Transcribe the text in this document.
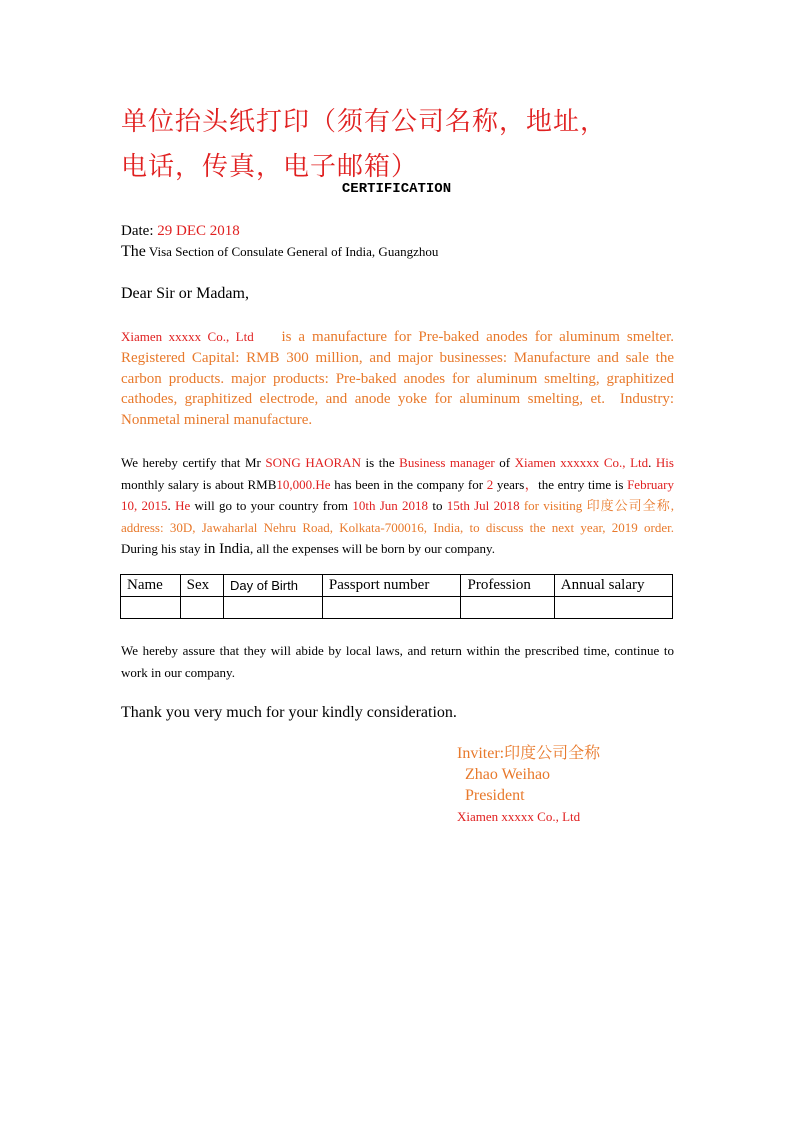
单位抬头纸打印（须有公司名称，地址，
电话，传真，电子邮箱）
CERTIFICATION
Date: 29 DEC 2018
The Visa Section of Consulate General of India, Guangzhou
Dear Sir or Madam,
Xiamen xxxxx Co., Ltd    is a manufacture for Pre-baked anodes for aluminum smelter. Registered Capital: RMB 300 million, and major businesses: Manufacture and sale the carbon products. major products: Pre-baked anodes for aluminum smelting, graphitized cathodes, graphitized electrode, and anode yoke for aluminum smelting, et.  Industry: Nonmetal mineral manufacture.
We hereby certify that Mr SONG HAORAN is the Business manager of Xiamen xxxxxx Co., Ltd. His monthly salary is about RMB10,000.He has been in the company for 2 years，the entry time is February 10, 2015. He will go to your country from 10th Jun 2018 to 15th Jul 2018 for visiting 印度公司全称, address: 30D, Jawaharlal Nehru Road, Kolkata-700016, India, to discuss the next year, 2019 order. During his stay in India, all the expenses will be born by our company.
Name	Sex	Day of Birth	Passport number	Profession	Annual salary

We hereby assure that they will abide by local laws, and return within the prescribed time, continue to work in our company.
Thank you very much for your kindly consideration.
Inviter:印度公司全称
Zhao Weihao
President
Xiamen xxxxx Co., Ltd
